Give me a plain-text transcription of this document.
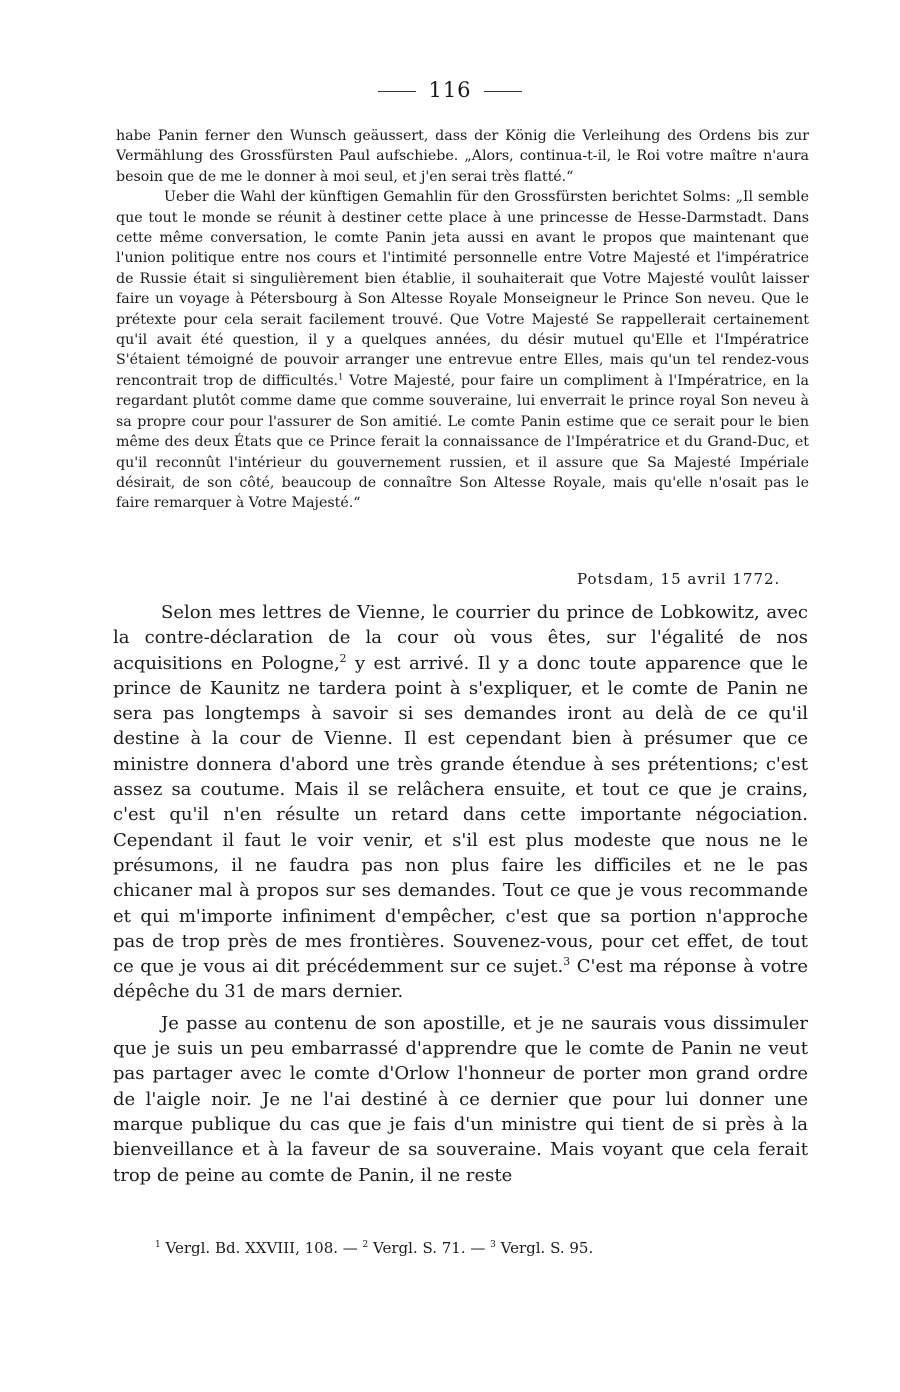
116

habe Panin ferner den Wunsch geäussert, dass der König die Verleihung des Ordens bis zur Vermählung des Grossfürsten Paul aufschiebe. „Alors, continua-t-il, le Roi votre maître n'aura besoin que de me le donner à moi seul, et j'en serai très flatté.“

Ueber die Wahl der künftigen Gemahlin für den Grossfürsten berichtet Solms: „Il semble que tout le monde se réunit à destiner cette place à une princesse de Hesse-Darmstadt. Dans cette même conversation, le comte Panin jeta aussi en avant le propos que maintenant que l'union politique entre nos cours et l'intimité personnelle entre Votre Majesté et l'impératrice de Russie était si singulièrement bien établie, il souhaiterait que Votre Majesté voulût laisser faire un voyage à Pétersbourg à Son Altesse Royale Monseigneur le Prince Son neveu. Que le prétexte pour cela serait facilement trouvé. Que Votre Majesté Se rappellerait certainement qu'il avait été question, il y a quelques années, du désir mutuel qu'Elle et l'Impératrice S'étaient témoigné de pouvoir arranger une entrevue entre Elles, mais qu'un tel rendez-vous rencontrait trop de difficultés.$^1$ Votre Majesté, pour faire un compliment à l'Impératrice, en la regardant plutôt comme dame que comme souveraine, lui enverrait le prince royal Son neveu à sa propre cour pour l'assurer de Son amitié. Le comte Panin estime que ce serait pour le bien même des deux États que ce Prince ferait la connaissance de l'Impératrice et du Grand-Duc, et qu'il reconnût l'intérieur du gouvernement russien, et il assure que Sa Majesté Impériale désirait, de son côté, beaucoup de connaître Son Altesse Royale, mais qu'elle n'osait pas le faire remarquer à Votre Majesté.“

Potsdam, 15 avril 1772.

Selon mes lettres de Vienne, le courrier du prince de Lobkowitz, avec la contre-déclaration de la cour où vous êtes, sur l'égalité de nos acquisitions en Pologne,$^2$ y est arrivé. Il y a donc toute apparence que le prince de Kaunitz ne tardera point à s'expliquer, et le comte de Panin ne sera pas longtemps à savoir si ses demandes iront au delà de ce qu'il destine à la cour de Vienne. Il est cependant bien à présumer que ce ministre donnera d'abord une très grande étendue à ses prétentions; c'est assez sa coutume. Mais il se relâchera ensuite, et tout ce que je crains, c'est qu'il n'en résulte un retard dans cette importante négociation. Cependant il faut le voir venir, et s'il est plus modeste que nous ne le présumons, il ne faudra pas non plus faire les difficiles et ne le pas chicaner mal à propos sur ses demandes. Tout ce que je vous recommande et qui m'importe infiniment d'empêcher, c'est que sa portion n'approche pas de trop près de mes frontières. Souvenez-vous, pour cet effet, de tout ce que je vous ai dit précédemment sur ce sujet.$^3$ C'est ma réponse à votre dépêche du 31 de mars dernier.

Je passe au contenu de son apostille, et je ne saurais vous dissimuler que je suis un peu embarrassé d'apprendre que le comte de Panin ne veut pas partager avec le comte d'Orlow l'honneur de porter mon grand ordre de l'aigle noir. Je ne l'ai destiné à ce dernier que pour lui donner une marque publique du cas que je fais d'un ministre qui tient de si près à la bienveillance et à la faveur de sa souveraine. Mais voyant que cela ferait trop de peine au comte de Panin, il ne reste

$^1$ Vergl. Bd. XXVIII, 108. — $^2$ Vergl. S. 71. — $^3$ Vergl. S. 95.
